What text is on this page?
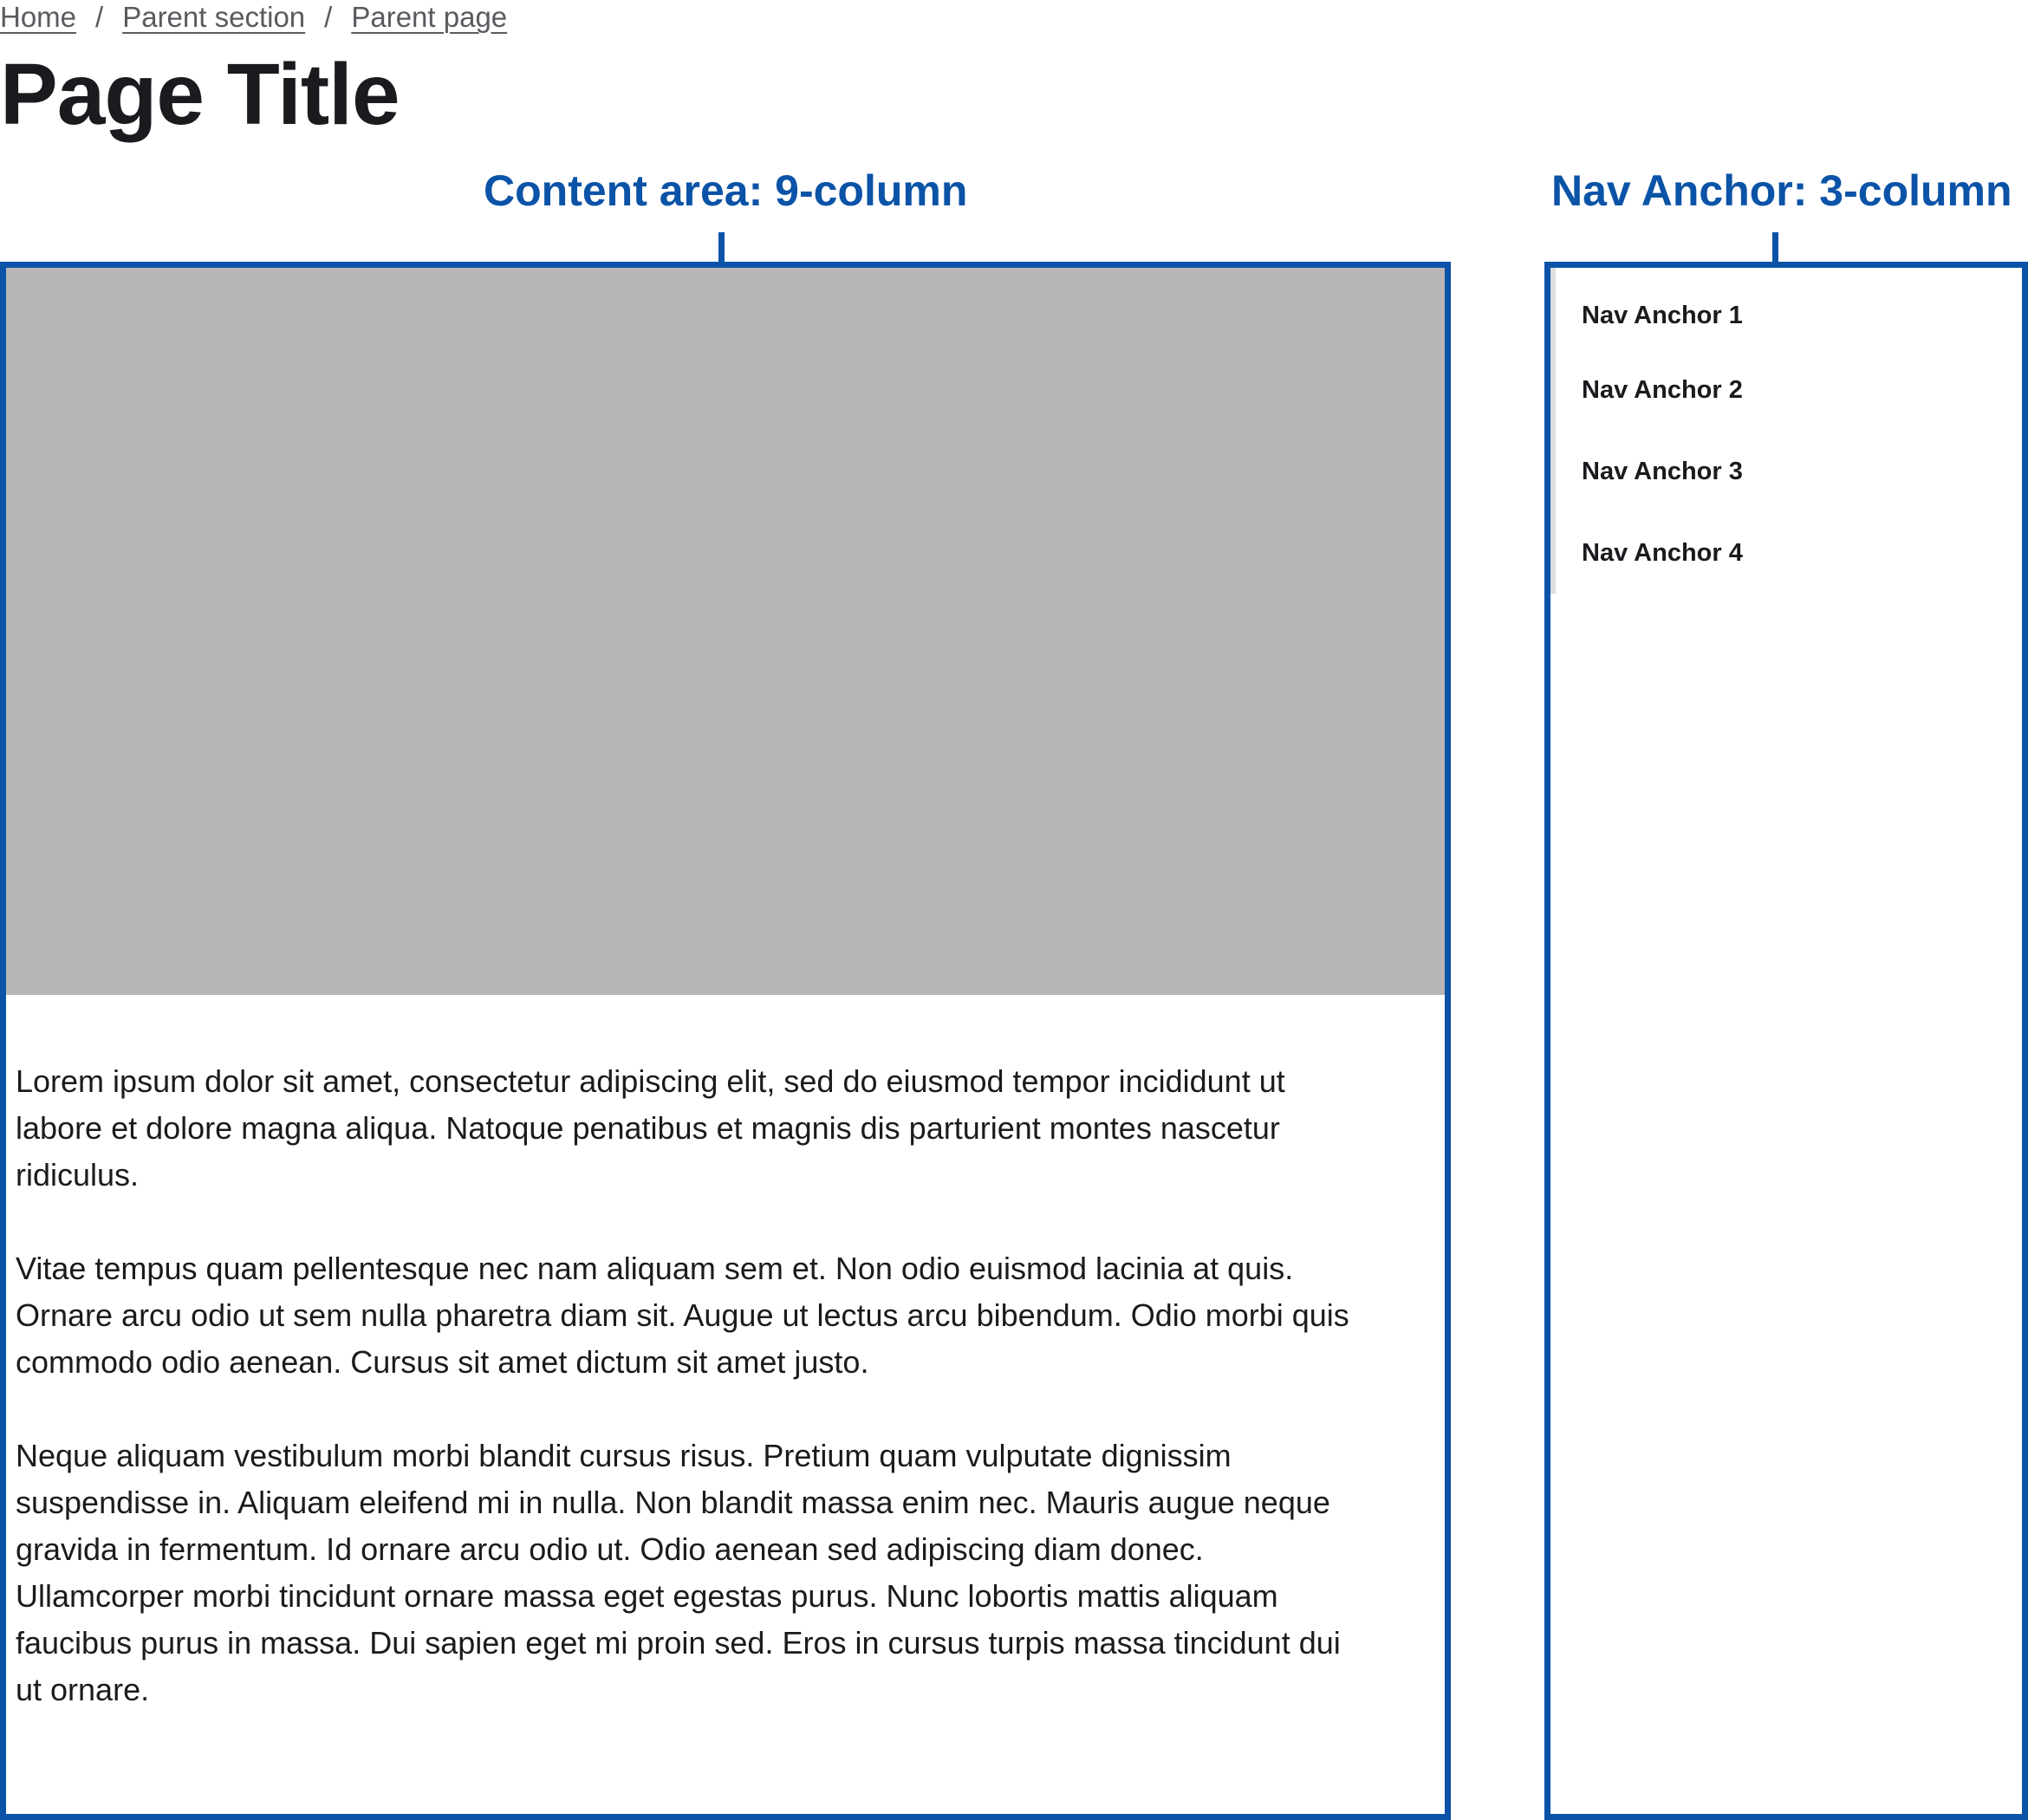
Home / Parent section / Parent page
Page Title
Content area: 9-column	Nav Anchor: 3-column

Lorem ipsum dolor sit amet, consectetur adipiscing elit, sed do eiusmod tempor incididunt ut labore et dolore magna aliqua. Natoque penatibus et magnis dis parturient montes nascetur ridiculus.

Vitae tempus quam pellentesque nec nam aliquam sem et. Non odio euismod lacinia at quis. Ornare arcu odio ut sem nulla pharetra diam sit. Augue ut lectus arcu bibendum. Odio morbi quis commodo odio aenean. Cursus sit amet dictum sit amet justo.

Neque aliquam vestibulum morbi blandit cursus risus. Pretium quam vulputate dignissim suspendisse in. Aliquam eleifend mi in nulla. Non blandit massa enim nec. Mauris augue neque gravida in fermentum. Id ornare arcu odio ut. Odio aenean sed adipiscing diam donec. Ullamcorper morbi tincidunt ornare massa eget egestas purus. Nunc lobortis mattis aliquam faucibus purus in massa. Dui sapien eget mi proin sed. Eros in cursus turpis massa tincidunt dui ut ornare.

Nav Anchor 1
Nav Anchor 2
Nav Anchor 3
Nav Anchor 4
